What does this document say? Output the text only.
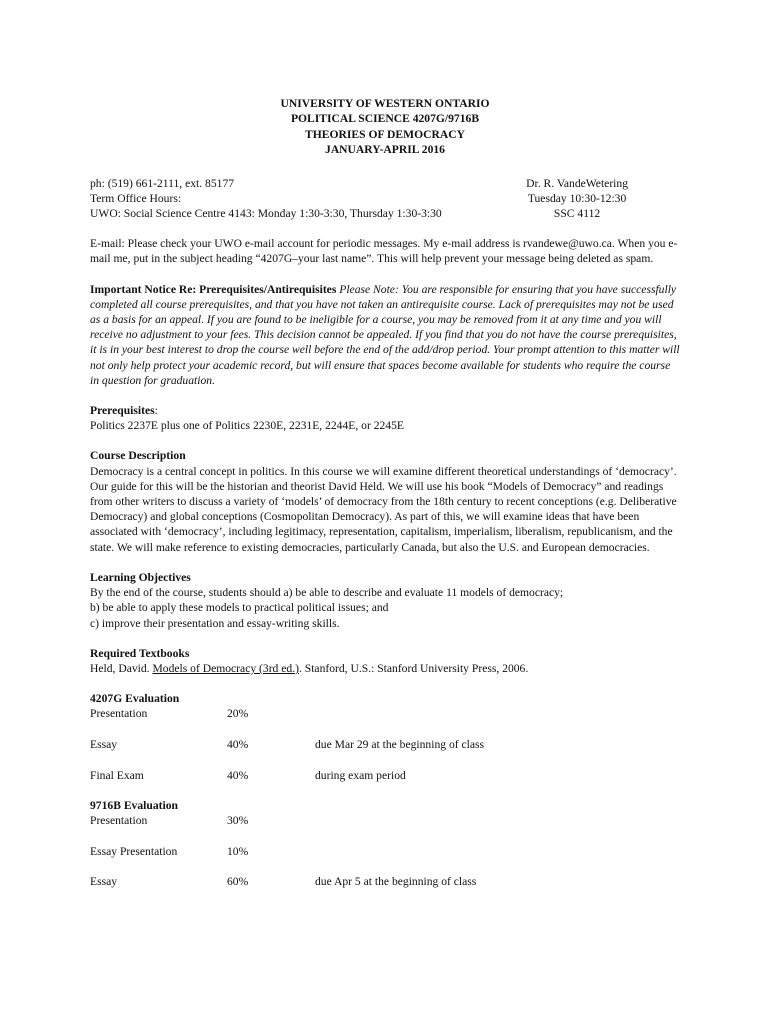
UNIVERSITY OF WESTERN ONTARIO
POLITICAL SCIENCE 4207G/9716B
THEORIES OF DEMOCRACY
JANUARY-APRIL 2016
ph: (519) 661-2111, ext. 85177
Term Office Hours:
UWO: Social Science Centre 4143: Monday 1:30-3:30, Thursday 1:30-3:30
Dr. R. VandeWetering
Tuesday 10:30-12:30
SSC 4112

E-mail: Please check your UWO e-mail account for periodic messages. My e-mail address is rvandewe@uwo.ca. When you e-mail me, put in the subject heading “4207G–your last name”. This will help prevent your message being deleted as spam.

Important Notice Re: Prerequisites/Antirequisites Please Note: You are responsible for ensuring that you have successfully completed all course prerequisites, and that you have not taken an antirequisite course. Lack of prerequisites may not be used as a basis for an appeal. If you are found to be ineligible for a course, you may be removed from it at any time and you will receive no adjustment to your fees. This decision cannot be appealed. If you find that you do not have the course prerequisites, it is in your best interest to drop the course well before the end of the add/drop period. Your prompt attention to this matter will not only help protect your academic record, but will ensure that spaces become available for students who require the course in question for graduation.

Prerequisites:
Politics 2237E plus one of Politics 2230E, 2231E, 2244E, or 2245E
Course Description

Democracy is a central concept in politics. In this course we will examine different theoretical understandings of ‘democracy’. Our guide for this will be the historian and theorist David Held. We will use his book “Models of Democracy” and readings from other writers to discuss a variety of ‘models’ of democracy from the 18th century to recent conceptions (e.g. Deliberative Democracy) and global conceptions (Cosmopolitan Democracy). As part of this, we will examine ideas that have been associated with ‘democracy’, including legitimacy, representation, capitalism, imperialism, liberalism, republicanism, and the state. We will make reference to existing democracies, particularly Canada, but also the U.S. and European democracies.

Learning Objectives
By the end of the course, students should a) be able to describe and evaluate 11 models of democracy;
b) be able to apply these models to practical political issues; and
c) improve their presentation and essay-writing skills.
Required Textbooks
Held, David. Models of Democracy (3rd ed.). Stanford, U.S.: Stanford University Press, 2006.
4207G Evaluation
Presentation	20%
Essay	40%	due Mar 29 at the beginning of class
Final Exam	40%	during exam period
9716B Evaluation
Presentation	30%
Essay Presentation	10%
Essay	60%	due Apr 5 at the beginning of class
